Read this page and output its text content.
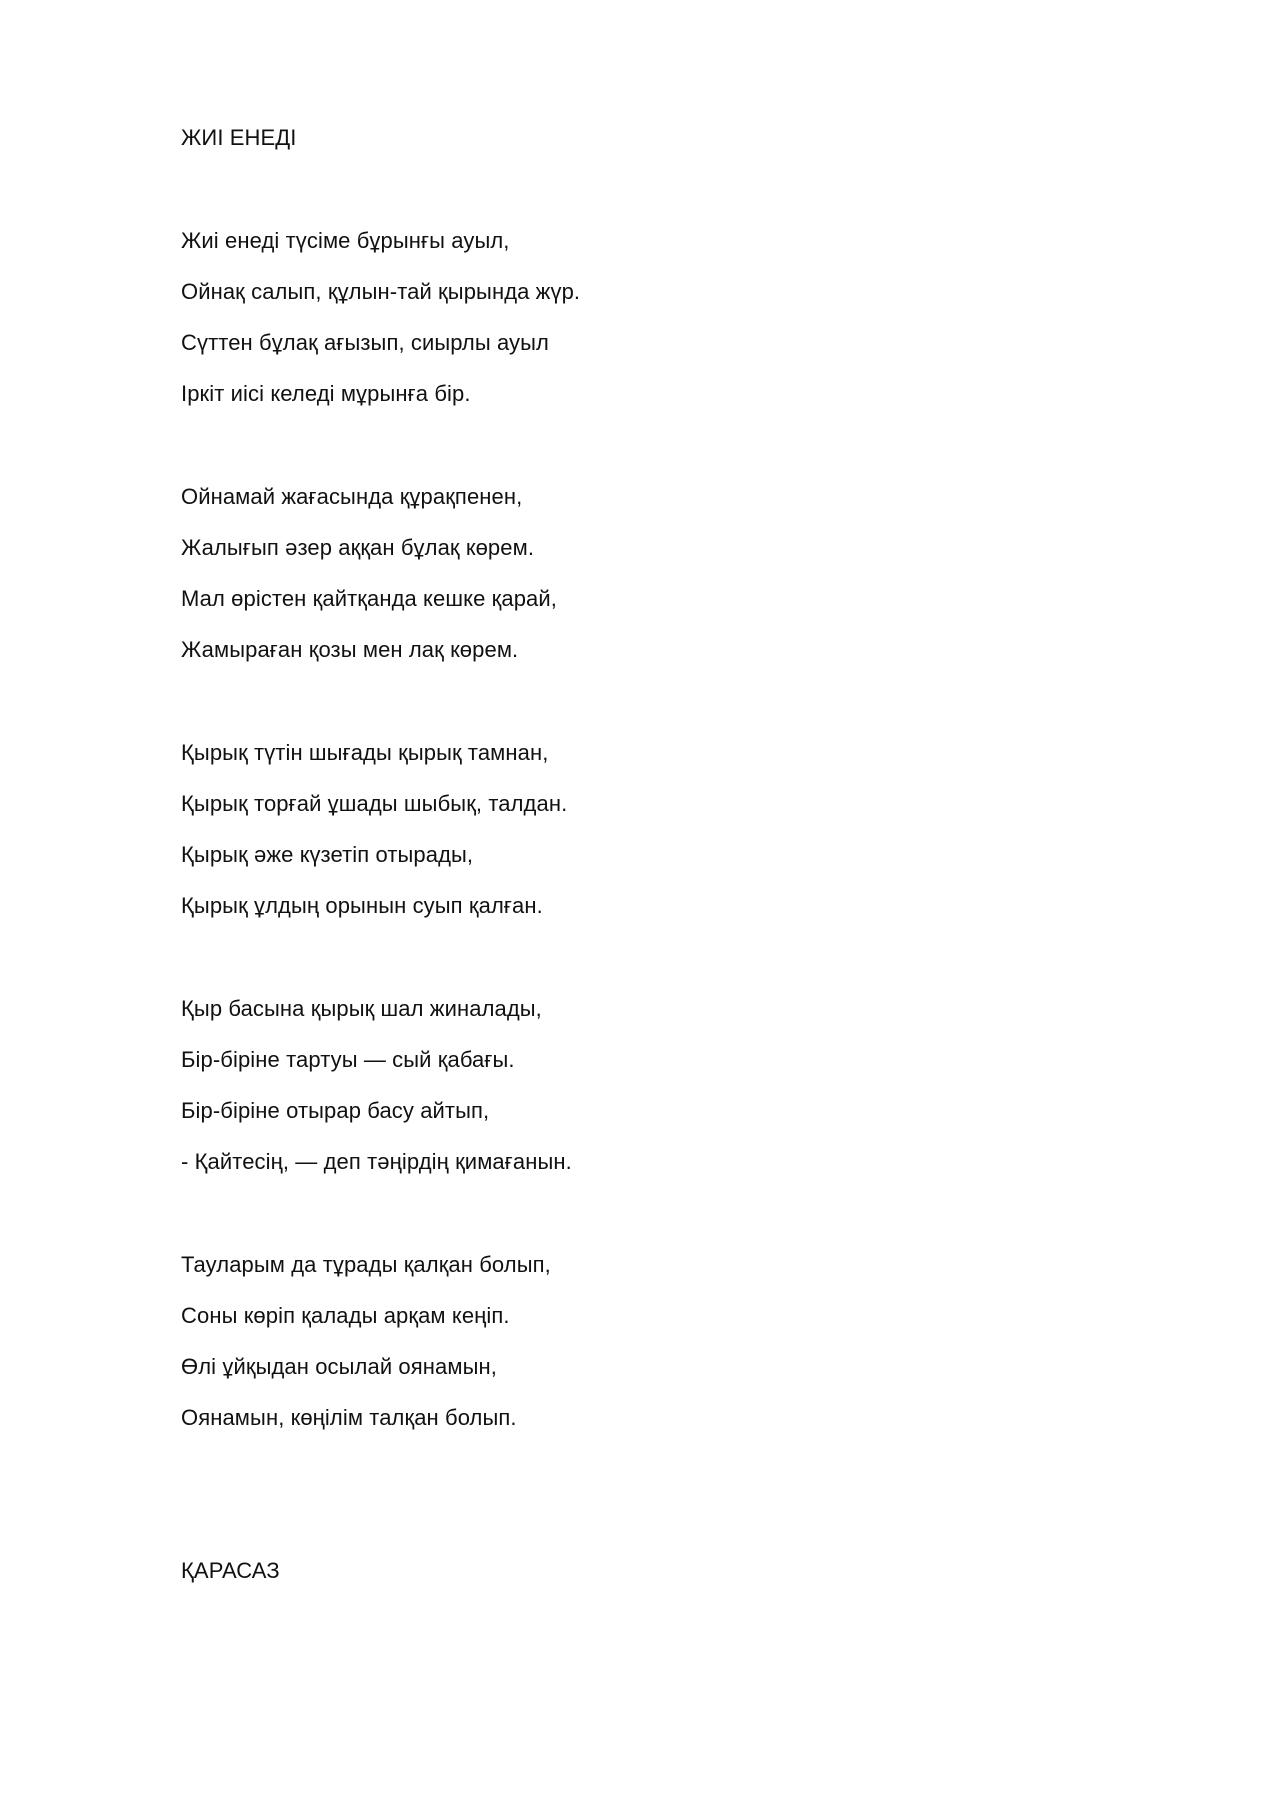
ЖИІ ЕНЕДІ
Жиі енеді түсіме бұрынғы ауыл,
Ойнақ салып, құлын-тай қырында жүр.
Сүттен бұлақ ағызып, сиырлы ауыл
Іркіт иісі келеді мұрынға бір.
Ойнамай жағасында құрақпенен,
Жалығып әзер аққан бұлақ көрем.
Мал өрістен қайтқанда кешке қарай,
Жамыраған қозы мен лақ көрем.
Қырық түтін шығады қырық тамнан,
Қырық торғай ұшады шыбық, талдан.
Қырық әже күзетіп отырады,
Қырық ұлдың орынын суып қалған.
Қыр басына қырық шал жиналады,
Бір-біріне тартуы — сый қабағы.
Бір-біріне отырар басу айтып,
- Қайтесің, — деп тәңірдің қимағанын.
Тауларым да тұрады қалқан болып,
Соны көріп қалады арқам кеңіп.
Өлі ұйқыдан осылай оянамын,
Оянамын, көңілім талқан болып.
ҚАРАСАЗ
